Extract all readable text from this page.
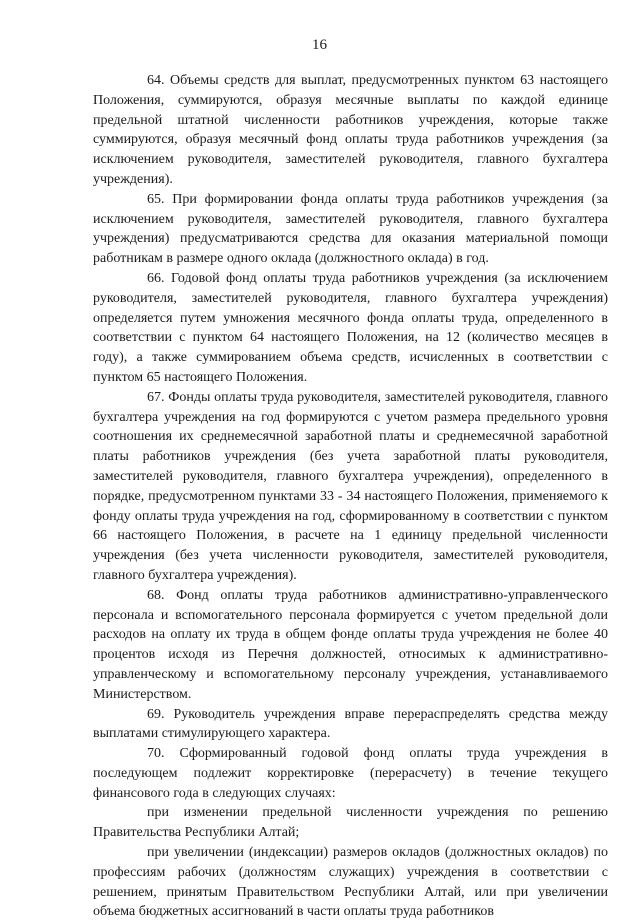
16

64. Объемы средств для выплат, предусмотренных пунктом 63 настоящего Положения, суммируются, образуя месячные выплаты по каждой единице предельной штатной численности работников учреждения, которые также суммируются, образуя месячный фонд оплаты труда работников учреждения (за исключением руководителя, заместителей руководителя, главного бухгалтера учреждения).

65. При формировании фонда оплаты труда работников учреждения (за исключением руководителя, заместителей руководителя, главного бухгалтера учреждения) предусматриваются средства для оказания материальной помощи работникам в размере одного оклада (должностного оклада) в год.

66. Годовой фонд оплаты труда работников учреждения (за исключением руководителя, заместителей руководителя, главного бухгалтера учреждения) определяется путем умножения месячного фонда оплаты труда, определенного в соответствии с пунктом 64 настоящего Положения, на 12 (количество месяцев в году), а также суммированием объема средств, исчисленных в соответствии с пунктом 65 настоящего Положения.

67. Фонды оплаты труда руководителя, заместителей руководителя, главного бухгалтера учреждения на год формируются с учетом размера предельного уровня соотношения их среднемесячной заработной платы и среднемесячной заработной платы работников учреждения (без учета заработной платы руководителя, заместителей руководителя, главного бухгалтера учреждения), определенного в порядке, предусмотренном пунктами 33 - 34 настоящего Положения, применяемого к фонду оплаты труда учреждения на год, сформированному в соответствии с пунктом 66 настоящего Положения, в расчете на 1 единицу предельной численности учреждения (без учета численности руководителя, заместителей руководителя, главного бухгалтера учреждения).

68. Фонд оплаты труда работников административно-управленческого персонала и вспомогательного персонала формируется с учетом предельной доли расходов на оплату их труда в общем фонде оплаты труда учреждения не более 40 процентов исходя из Перечня должностей, относимых к административно-управленческому и вспомогательному персоналу учреждения, устанавливаемого Министерством.

69. Руководитель учреждения вправе перераспределять средства между выплатами стимулирующего характера.

70. Сформированный годовой фонд оплаты труда учреждения в последующем подлежит корректировке (перерасчету) в течение текущего финансового года в следующих случаях:

при изменении предельной численности учреждения по решению Правительства Республики Алтай;

при увеличении (индексации) размеров окладов (должностных окладов) по профессиям рабочих (должностям служащих) учреждения в соответствии с решением, принятым Правительством Республики Алтай, или при увеличении объема бюджетных ассигнований в части оплаты труда работников
